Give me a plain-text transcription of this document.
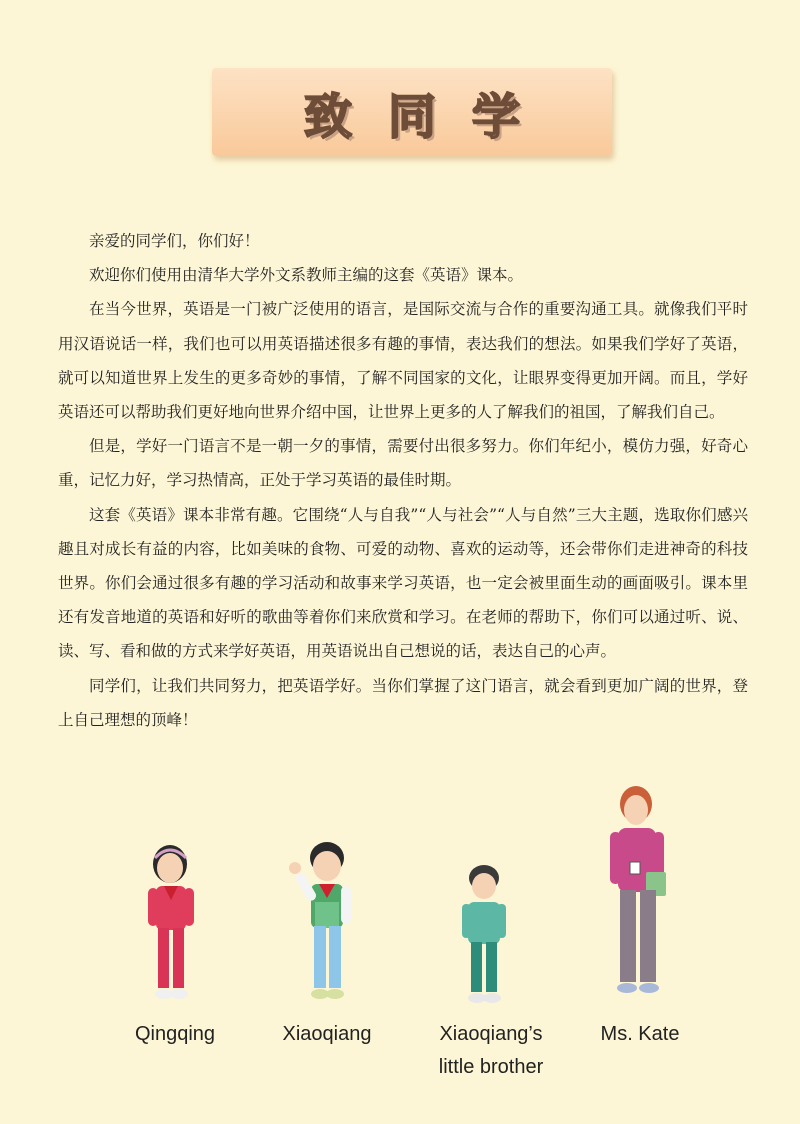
致同学

亲爱的同学们，你们好！

欢迎你们使用由清华大学外文系教师主编的这套《英语》课本。

在当今世界，英语是一门被广泛使用的语言，是国际交流与合作的重要沟通工具。就像我们平时用汉语说话一样，我们也可以用英语描述很多有趣的事情，表达我们的想法。如果我们学好了英语，就可以知道世界上发生的更多奇妙的事情，了解不同国家的文化，让眼界变得更加开阔。而且，学好英语还可以帮助我们更好地向世界介绍中国，让世界上更多的人了解我们的祖国，了解我们自己。

但是，学好一门语言不是一朝一夕的事情，需要付出很多努力。你们年纪小，模仿力强，好奇心重，记忆力好，学习热情高，正处于学习英语的最佳时期。

这套《英语》课本非常有趣。它围绕“人与自我”“人与社会”“人与自然”三大主题，选取你们感兴趣且对成长有益的内容，比如美味的食物、可爱的动物、喜欢的运动等，还会带你们走进神奇的科技世界。你们会通过很多有趣的学习活动和故事来学习英语，也一定会被里面生动的画面吸引。课本里还有发音地道的英语和好听的歌曲等着你们来欣赏和学习。在老师的帮助下，你们可以通过听、说、读、写、看和做的方式来学好英语，用英语说出自己想说的话，表达自己的心声。

同学们，让我们共同努力，把英语学好。当你们掌握了这门语言，就会看到更加广阔的世界，登上自己理想的顶峰！

Qingqing	Xiaoqiang	Xiaoqiang’s
little brother
Ms. Kate
